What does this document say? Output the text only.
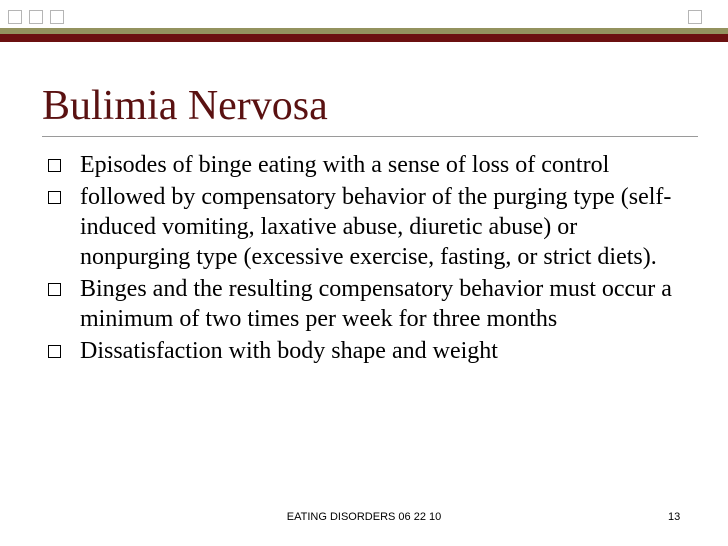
Bulimia Nervosa
Episodes of binge eating with a sense of loss of control
followed by compensatory behavior of the purging type (self-induced vomiting, laxative abuse, diuretic abuse) or nonpurging type (excessive exercise, fasting, or strict diets).
Binges and the resulting compensatory behavior must occur a minimum of two times per week for three months
Dissatisfaction with body shape and weight
EATING DISORDERS 06 22 10	13
